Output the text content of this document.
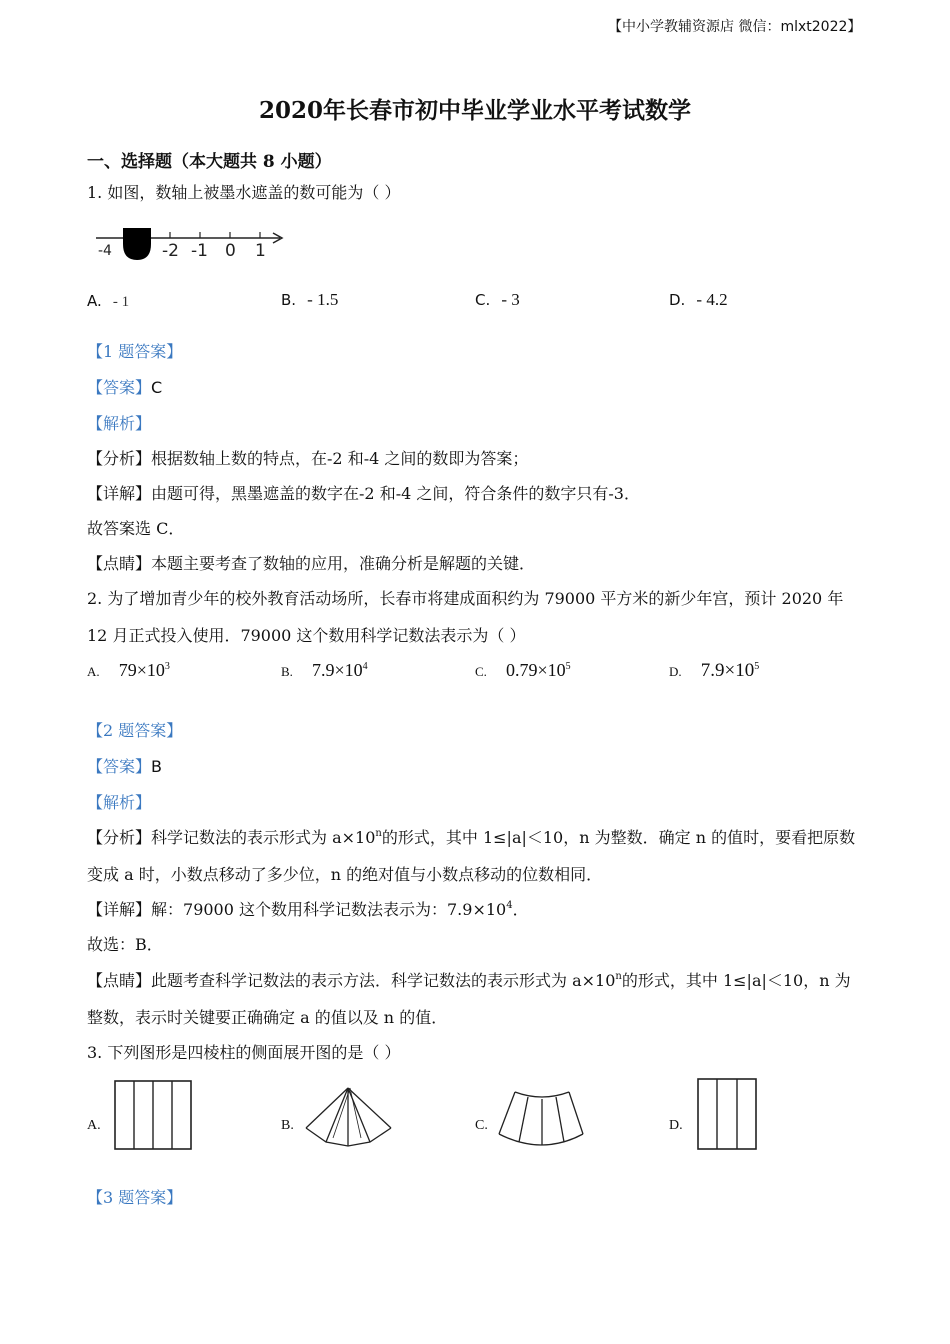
【中小学教辅资源店 微信：mlxt2022】
2020年长春市初中毕业学业水平考试数学
一、选择题（本大题共 8 小题）
1. 如图，数轴上被墨水遮盖的数可能为（ ）
-4	-2 -1 0 1
A. - 1	B. - 1.5	C. - 3	D. - 4.2
【1 题答案】
【答案】C
【解析】
【分析】根据数轴上数的特点，在-2 和-4 之间的数即为答案；
【详解】由题可得，黑墨遮盖的数字在-2 和-4 之间，符合条件的数字只有-3．
故答案选 C．
【点睛】本题主要考查了数轴的应用，准确分析是解题的关键．
2. 为了增加青少年的校外教育活动场所，长春市将建成面积约为 79000 平方米的新少年宫，预计 2020 年
12 月正式投入使用．79000 这个数用科学记数法表示为（ ）
A. $79\times 10^3$	B. $7.9\times 10^4$	C. $0.79\times 10^5$	D. $7.9\times 10^5$
【2 题答案】
【答案】B
【解析】
【分析】科学记数法的表示形式为 $a\times 10^n$的形式，其中 1≤|a|＜10，n 为整数．确定 n 的值时，要看把原数
变成 a 时，小数点移动了多少位，n 的绝对值与小数点移动的位数相同．
【详解】解：79000 这个数用科学记数法表示为：$7.9\times 10^4$．
故选：B．
【点睛】此题考查科学记数法的表示方法．科学记数法的表示形式为 $a\times 10^n$的形式，其中 1≤|a|＜10，n 为
整数，表示时关键要正确确定 a 的值以及 n 的值．
3. 下列图形是四棱柱的侧面展开图的是（ ）
A.	B.	C.	D.
【3 题答案】
